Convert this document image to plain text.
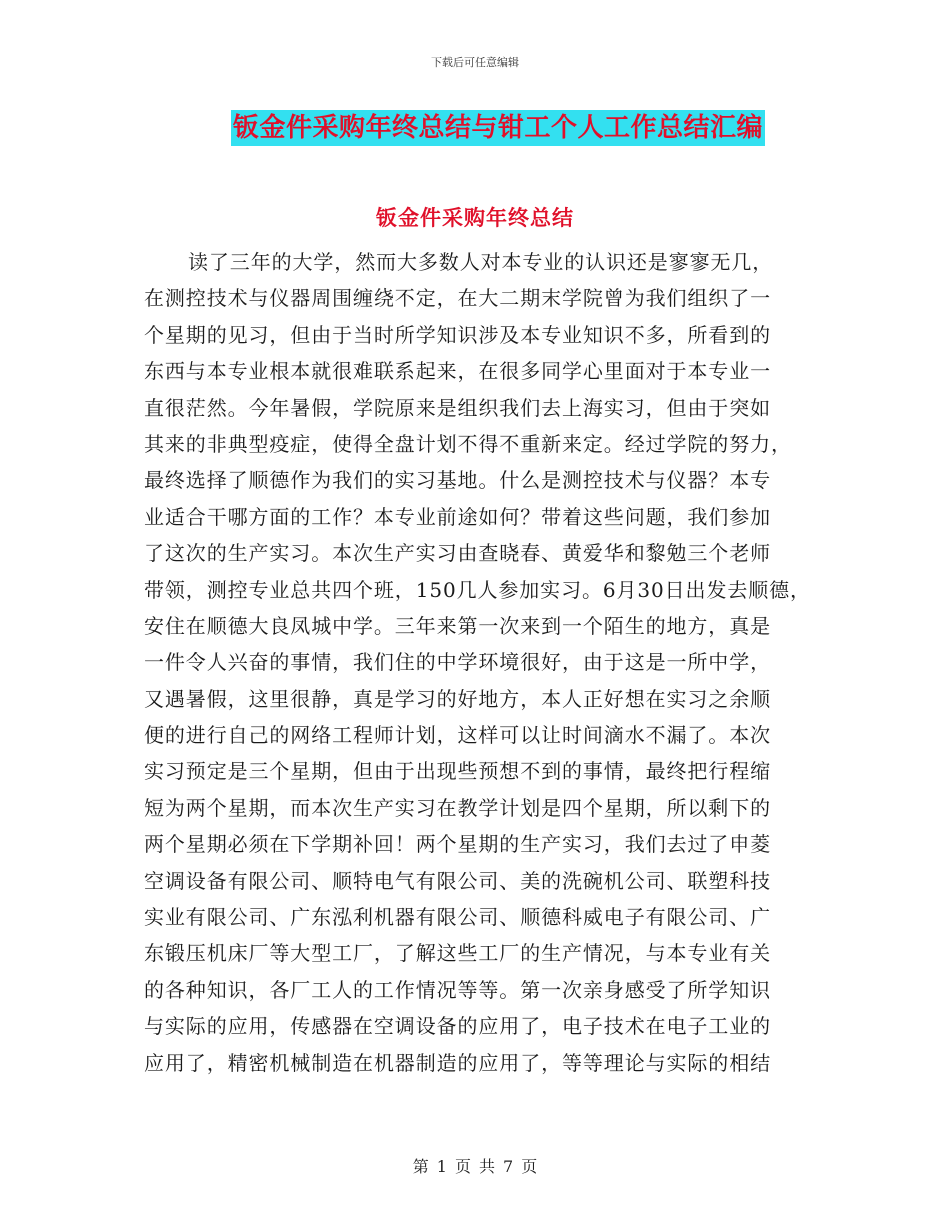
下载后可任意编辑
钣金件采购年终总结与钳工个人工作总结汇编
钣金件采购年终总结
读了三年的大学，然而大多数人对本专业的认识还是寥寥无几，
在测控技术与仪器周围缠绕不定，在大二期末学院曾为我们组织了一
个星期的见习，但由于当时所学知识涉及本专业知识不多，所看到的
东西与本专业根本就很难联系起来，在很多同学心里面对于本专业一
直很茫然。今年暑假，学院原来是组织我们去上海实习，但由于突如
其来的非典型疫症，使得全盘计划不得不重新来定。经过学院的努力，
最终选择了顺德作为我们的实习基地。什么是测控技术与仪器？本专
业适合干哪方面的工作？本专业前途如何？带着这些问题，我们参加
了这次的生产实习。本次生产实习由查晓春、黄爱华和黎勉三个老师
带领，测控专业总共四个班，150几人参加实习。6月30日出发去顺德，
安住在顺德大良凤城中学。三年来第一次来到一个陌生的地方，真是
一件令人兴奋的事情，我们住的中学环境很好，由于这是一所中学，
又遇暑假，这里很静，真是学习的好地方，本人正好想在实习之余顺
便的进行自己的网络工程师计划，这样可以让时间滴水不漏了。本次
实习预定是三个星期，但由于出现些预想不到的事情，最终把行程缩
短为两个星期，而本次生产实习在教学计划是四个星期，所以剩下的
两个星期必须在下学期补回！两个星期的生产实习，我们去过了申菱
空调设备有限公司、顺特电气有限公司、美的洗碗机公司、联塑科技
实业有限公司、广东泓利机器有限公司、顺德科威电子有限公司、广
东锻压机床厂等大型工厂，了解这些工厂的生产情况，与本专业有关
的各种知识，各厂工人的工作情况等等。第一次亲身感受了所学知识
与实际的应用，传感器在空调设备的应用了，电子技术在电子工业的
应用了，精密机械制造在机器制造的应用了，等等理论与实际的相结
第 1 页 共 7 页
